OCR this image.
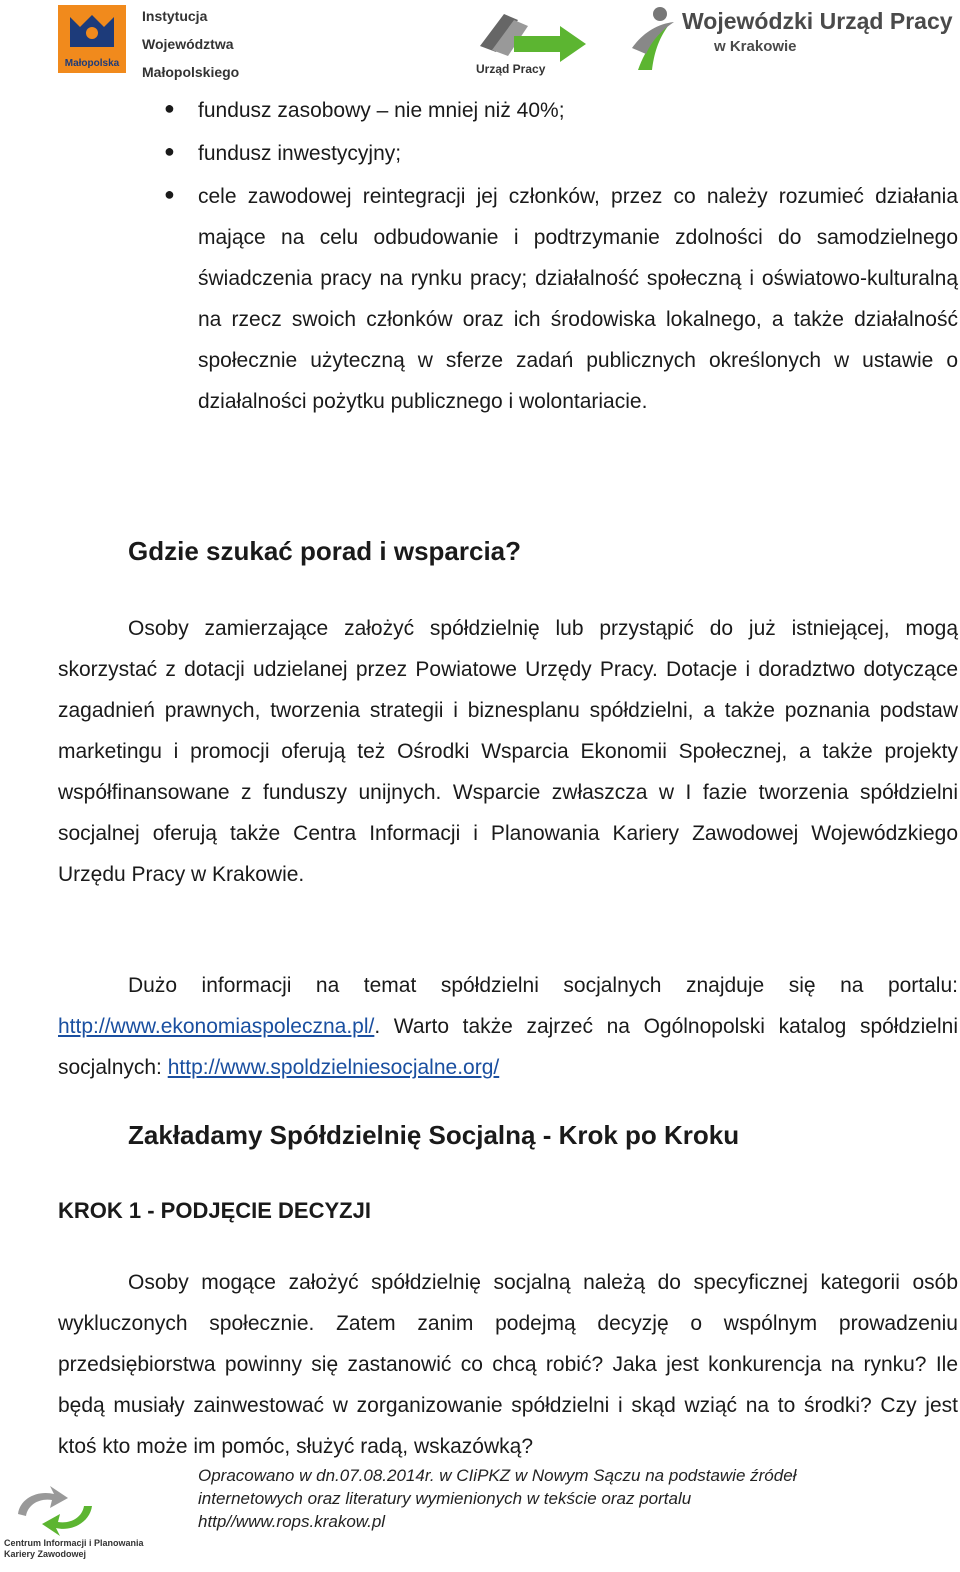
Małopolska
Instytucja
Województwa
Małopolskiego	Urząd Pracy
Wojewódzki Urząd Pracy
w Krakowie
● fundusz zasobowy – nie mniej niż 40%;
● fundusz inwestycyjny;
● cele zawodowej reintegracji jej członków, przez co należy rozumieć działania mające na celu odbudowanie i podtrzymanie zdolności do samodzielnego świadczenia pracy na rynku pracy; działalność społeczną i oświatowo-kulturalną na rzecz swoich członków oraz ich środowiska lokalnego, a także działalność społecznie użyteczną w sferze zadań publicznych określonych w ustawie o działalności pożytku publicznego i wolontariacie.
Gdzie szukać porad i wsparcia?
Osoby zamierzające założyć spółdzielnię lub przystąpić do już istniejącej, mogą skorzystać z dotacji udzielanej przez Powiatowe Urzędy Pracy. Dotacje i doradztwo dotyczące zagadnień prawnych, tworzenia strategii i biznesplanu spółdzielni, a także poznania podstaw marketingu i promocji oferują też Ośrodki Wsparcia Ekonomii Społecznej, a także projekty współfinansowane z funduszy unijnych. Wsparcie zwłaszcza w I fazie tworzenia spółdzielni socjalnej oferują także Centra Informacji i Planowania Kariery Zawodowej Wojewódzkiego Urzędu Pracy w Krakowie.
Dużo informacji na temat spółdzielni socjalnych znajduje się na portalu: http://www.ekonomiaspoleczna.pl/. Warto także zajrzeć na Ogólnopolski katalog spółdzielni socjalnych: http://www.spoldzielniesocjalne.org/
Zakładamy Spółdzielnię Socjalną - Krok po Kroku
KROK 1 - PODJĘCIE DECYZJI
Osoby mogące założyć spółdzielnię socjalną należą do specyficznej kategorii osób wykluczonych społecznie. Zatem zanim podejmą decyzję o wspólnym prowadzeniu przedsiębiorstwa powinny się zastanowić co chcą robić? Jaka jest konkurencja na rynku? Ile będą musiały zainwestować w zorganizowanie spółdzielni i skąd wziąć na to środki? Czy jest ktoś kto może im pomóc, służyć radą, wskazówką?
Centrum Informacji i Planowania
Kariery Zawodowej
Opracowano w dn.07.08.2014r. w CIiPKZ w Nowym Sączu na podstawie źródeł
internetowych oraz literatury wymienionych w tekście oraz portalu
http//www.rops.krakow.pl
